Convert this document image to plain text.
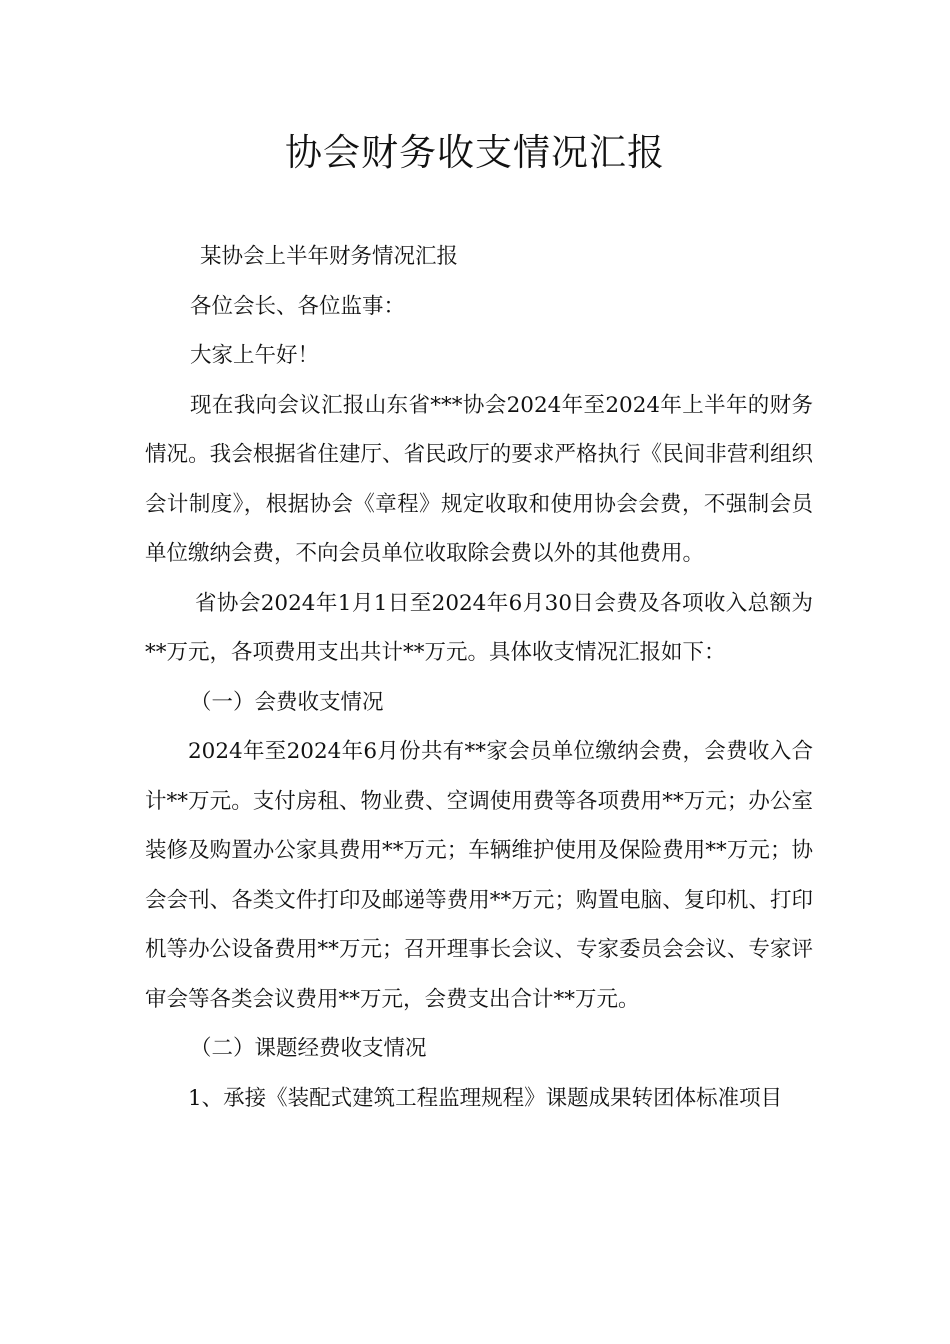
协会财务收支情况汇报

某协会上半年财务情况汇报

各位会长、各位监事：

大家上午好！

现在我向会议汇报山东省***协会2024年至2024年上半年的财务情况。我会根据省住建厅、省民政厅的要求严格执行《民间非营利组织会计制度》，根据协会《章程》规定收取和使用协会会费，不强制会员单位缴纳会费，不向会员单位收取除会费以外的其他费用。

省协会2024年1月1日至2024年6月30日会费及各项收入总额为**万元，各项费用支出共计**万元。具体收支情况汇报如下：

（一）会费收支情况

2024年至2024年6月份共有**家会员单位缴纳会费，会费收入合计**万元。支付房租、物业费、空调使用费等各项费用**万元；办公室装修及购置办公家具费用**万元；车辆维护使用及保险费用**万元；协会会刊、各类文件打印及邮递等费用**万元；购置电脑、复印机、打印机等办公设备费用**万元；召开理事长会议、专家委员会会议、专家评审会等各类会议费用**万元，会费支出合计**万元。

（二）课题经费收支情况

1、承接《装配式建筑工程监理规程》课题成果转团体标准项目
